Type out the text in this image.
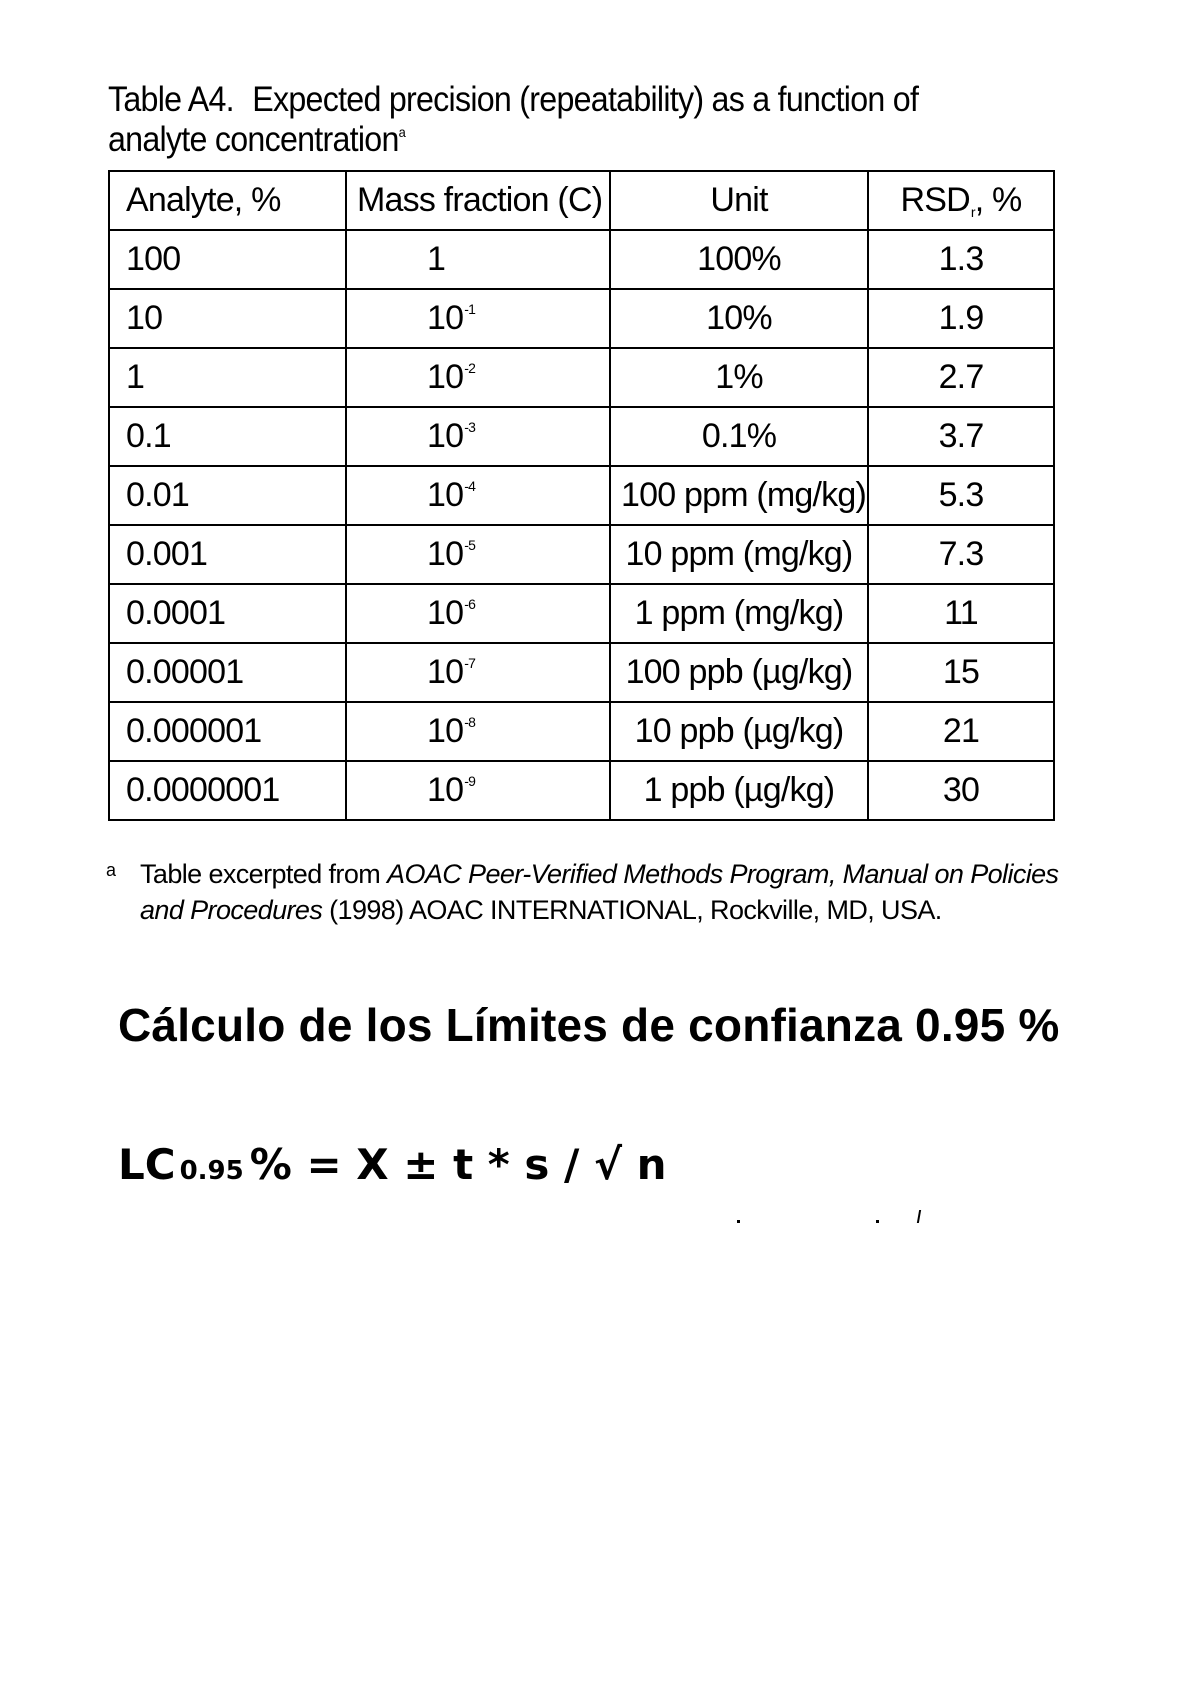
Table A4. Expected precision (repeatability) as a function of analyte concentration$^a$
Analyte, %	Mass fraction (C)	Unit	$RSD_r$, %
100	1	100%	1.3
10	$10^{-1}$	10%	1.9
1	$10^{-2}$	1%	2.7
0.1	$10^{-3}$	0.1%	3.7
0.01	$10^{-4}$	100 ppm (mg/kg)	5.3
0.001	$10^{-5}$	10 ppm (mg/kg)	7.3
0.0001	$10^{-6}$	1 ppm (mg/kg)	11
0.00001	$10^{-7}$	100 ppb (µg/kg)	15
0.000001	$10^{-8}$	10 ppb (µg/kg)	21
0.0000001	$10^{-9}$	1 ppb (µg/kg)	30
a Table excerpted from AOAC Peer-Verified Methods Program, Manual on Policies and Procedures (1998) AOAC INTERNATIONAL, Rockville, MD, USA.
Cálculo de los Límites de confianza 0.95 %
LC 0.95 % = X ± t * s / √ n
